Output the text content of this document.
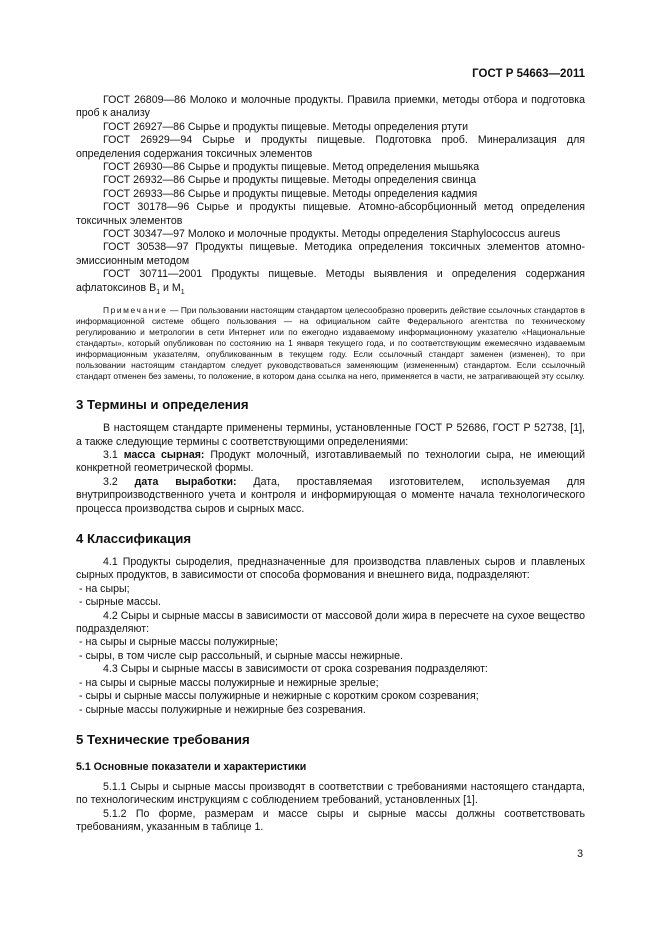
ГОСТ Р 54663—2011

ГОСТ 26809—86 Молоко и молочные продукты. Правила приемки, методы отбора и подготовка проб к анализу

ГОСТ 26927—86 Сырье и продукты пищевые. Методы определения ртути

ГОСТ 26929—94 Сырье и продукты пищевые. Подготовка проб. Минерализация для определения содержания токсичных элементов

ГОСТ 26930—86 Сырье и продукты пищевые. Метод определения мышьяка

ГОСТ 26932—86 Сырье и продукты пищевые. Методы определения свинца

ГОСТ 26933—86 Сырье и продукты пищевые. Методы определения кадмия

ГОСТ 30178—96 Сырье и продукты пищевые. Атомно-абсорбционный метод определения токсичных элементов

ГОСТ 30347—97 Молоко и молочные продукты. Методы определения Staphylococcus aureus

ГОСТ 30538—97 Продукты пищевые. Методика определения токсичных элементов атомно-эмиссионным методом

ГОСТ 30711—2001 Продукты пищевые. Методы выявления и определения содержания афлатоксинов $B_1$ и $M_1$

Примечание — При пользовании настоящим стандартом целесообразно проверить действие ссылочных стандартов в информационной системе общего пользования — на официальном сайте Федерального агентства по техническому регулированию и метрологии в сети Интернет или по ежегодно издаваемому информационному указателю «Национальные стандарты», который опубликован по состоянию на 1 января текущего года, и по соответствующим ежемесячно издаваемым информационным указателям, опубликованным в текущем году. Если ссылочный стандарт заменен (изменен), то при пользовании настоящим стандартом следует руководствоваться заменяющим (измененным) стандартом. Если ссылочный стандарт отменен без замены, то положение, в котором дана ссылка на него, применяется в части, не затрагивающей эту ссылку.

3 Термины и определения

В настоящем стандарте применены термины, установленные ГОСТ Р 52686, ГОСТ Р 52738, [1], а также следующие термины с соответствующими определениями:

3.1 масса сырная: Продукт молочный, изготавливаемый по технологии сыра, не имеющий конкретной геометрической формы.

3.2 дата выработки: Дата, проставляемая изготовителем, используемая для внутрипроизводственного учета и контроля и информирующая о моменте начала технологического процесса производства сыров и сырных масс.

4 Классификация

4.1 Продукты сыроделия, предназначенные для производства плавленых сыров и плавленых сырных продуктов, в зависимости от способа формования и внешнего вида, подразделяют:

- на сыры;

- сырные массы.

4.2 Сыры и сырные массы в зависимости от массовой доли жира в пересчете на сухое вещество подразделяют:

- на сыры и сырные массы полужирные;

- сыры, в том числе сыр рассольный, и сырные массы нежирные.

4.3 Сыры и сырные массы в зависимости от срока созревания подразделяют:

- на сыры и сырные массы полужирные и нежирные зрелые;

- сыры и сырные массы полужирные и нежирные с коротким сроком созревания;

- сырные массы полужирные и нежирные без созревания.

5 Технические требования
5.1 Основные показатели и характеристики

5.1.1 Сыры и сырные массы производят в соответствии с требованиями настоящего стандарта, по технологическим инструкциям с соблюдением требований, установленных [1].

5.1.2 По форме, размерам и массе сыры и сырные массы должны соответствовать требованиям, указанным в таблице 1.

3
